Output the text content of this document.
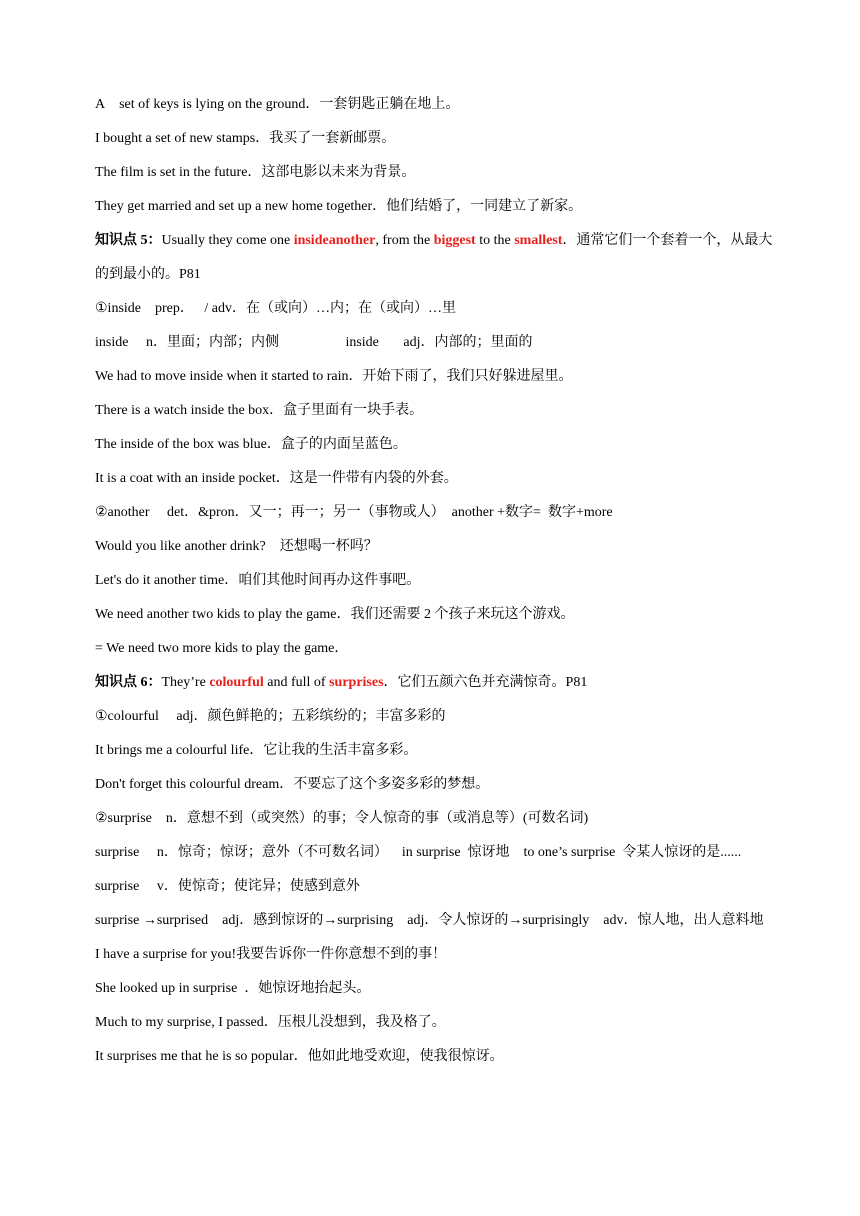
A    set of keys is lying on the ground．一套钥匙正躺在地上。
I bought a set of new stamps．我买了一套新邮票。
The film is set in the future．这部电影以未来为背景。
They get married and set up a new home together．他们结婚了，一同建立了新家。
知识点 5：Usually they come one insideanother, from the biggest to the smallest．通常它们一个套着一个，从最大的到最小的。P81
①inside    prep．   / adv．在（或向）…内；在（或向）…里
inside     n．里面；内部；内侧                   inside       adj．内部的；里面的
We had to move inside when it started to rain．开始下雨了，我们只好躲进屋里。
There is a watch inside the box．盒子里面有一块手表。
The inside of the box was blue．盒子的内面呈蓝色。
It is a coat with an inside pocket．这是一件带有内袋的外套。
②another     det．&pron．又一；再一；另一（事物或人）  another +数字=  数字+more
Would you like another drink?    还想喝一杯吗？
Let's do it another time．咱们其他时间再办这件事吧。
We need another two kids to play the game．我们还需要 2 个孩子来玩这个游戏。
= We need two more kids to play the game．
知识点 6：They’re colourful and full of surprises．它们五颜六色并充满惊奇。P81
①colourful     adj．颜色鲜艳的；五彩缤纷的；丰富多彩的
It brings me a colourful life．它让我的生活丰富多彩。
Don't forget this colourful dream．不要忘了这个多姿多彩的梦想。
②surprise    n．意想不到（或突然）的事；令人惊奇的事（或消息等）(可数名词)
surprise     n．惊奇；惊讶；意外（不可数名词）    in surprise  惊讶地    to one’s surprise  令某人惊讶的是......
surprise     v．使惊奇；使诧异；使感到意外
surprise →surprised    adj．感到惊讶的→surprising    adj．令人惊讶的→surprisingly    adv．惊人地，出人意料地
I have a surprise for you!我要告诉你一件你意想不到的事！
She looked up in surprise  ．她惊讶地抬起头。
Much to my surprise, I passed．压根儿没想到，我及格了。
It surprises me that he is so popular．他如此地受欢迎，使我很惊讶。
